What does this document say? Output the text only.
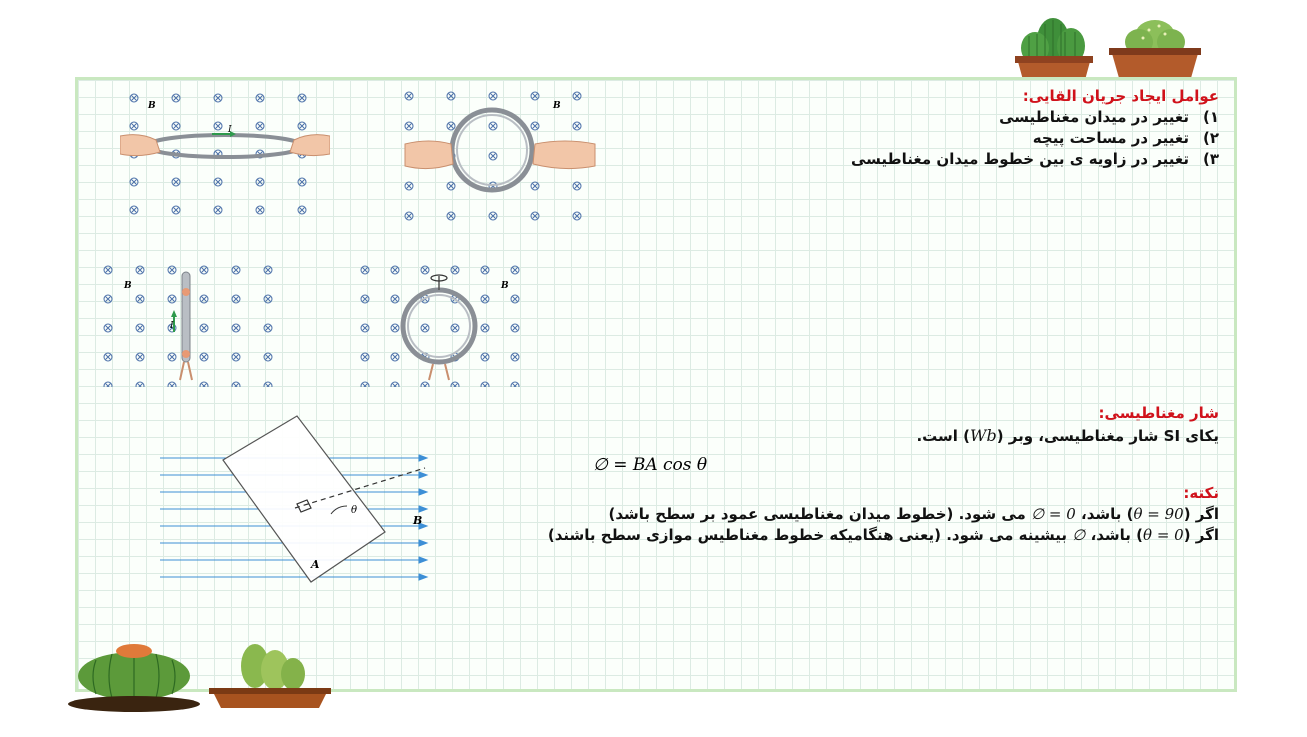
I
B	B
I
B	B
θ
B
A
عوامل ایجاد جریان القایی:
۱)تغییر در میدان مغناطیسی
۲)تغییر در مساحت پیچه
۳)تغییر در زاویه ی بین خطوط میدان مغناطیسی
شار مغناطیسی:
یکای SI شار مغناطیسی، وبر (Wb) است.
∅ = BA cos θ
نکته:
اگر (θ = 90) باشد، ∅ = 0 می شود. (خطوط میدان مغناطیسی عمود بر سطح باشد)
اگر (θ = 0) باشد، ∅ بیشینه می شود. (یعنی هنگامیکه خطوط مغناطیس موازی سطح باشند)
